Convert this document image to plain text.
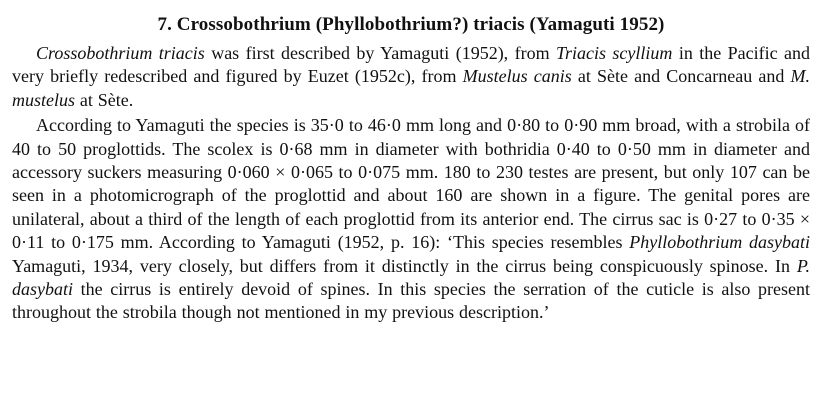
7. Crossobothrium (Phyllobothrium?) triacis (Yamaguti 1952)

Crossobothrium triacis was first described by Yamaguti (1952), from Triacis scyllium in the Pacific and very briefly redescribed and figured by Euzet (1952c), from Mustelus canis at Sète and Concarneau and M. mustelus at Sète.

According to Yamaguti the species is 35·0 to 46·0 mm long and 0·80 to 0·90 mm broad, with a strobila of 40 to 50 proglottids. The scolex is 0·68 mm in diameter with bothridia 0·40 to 0·50 mm in diameter and accessory suckers measuring 0·060 × 0·065 to 0·075 mm. 180 to 230 testes are present, but only 107 can be seen in a photomicrograph of the proglottid and about 160 are shown in a figure. The genital pores are unilateral, about a third of the length of each proglottid from its anterior end. The cirrus sac is 0·27 to 0·35 × 0·11 to 0·175 mm. According to Yamaguti (1952, p. 16): ‘This species resembles Phyllobothrium dasybati Yamaguti, 1934, very closely, but differs from it distinctly in the cirrus being conspicuously spinose. In P. dasybati the cirrus is entirely devoid of spines. In this species the serration of the cuticle is also present throughout the strobila though not mentioned in my previous description.’
